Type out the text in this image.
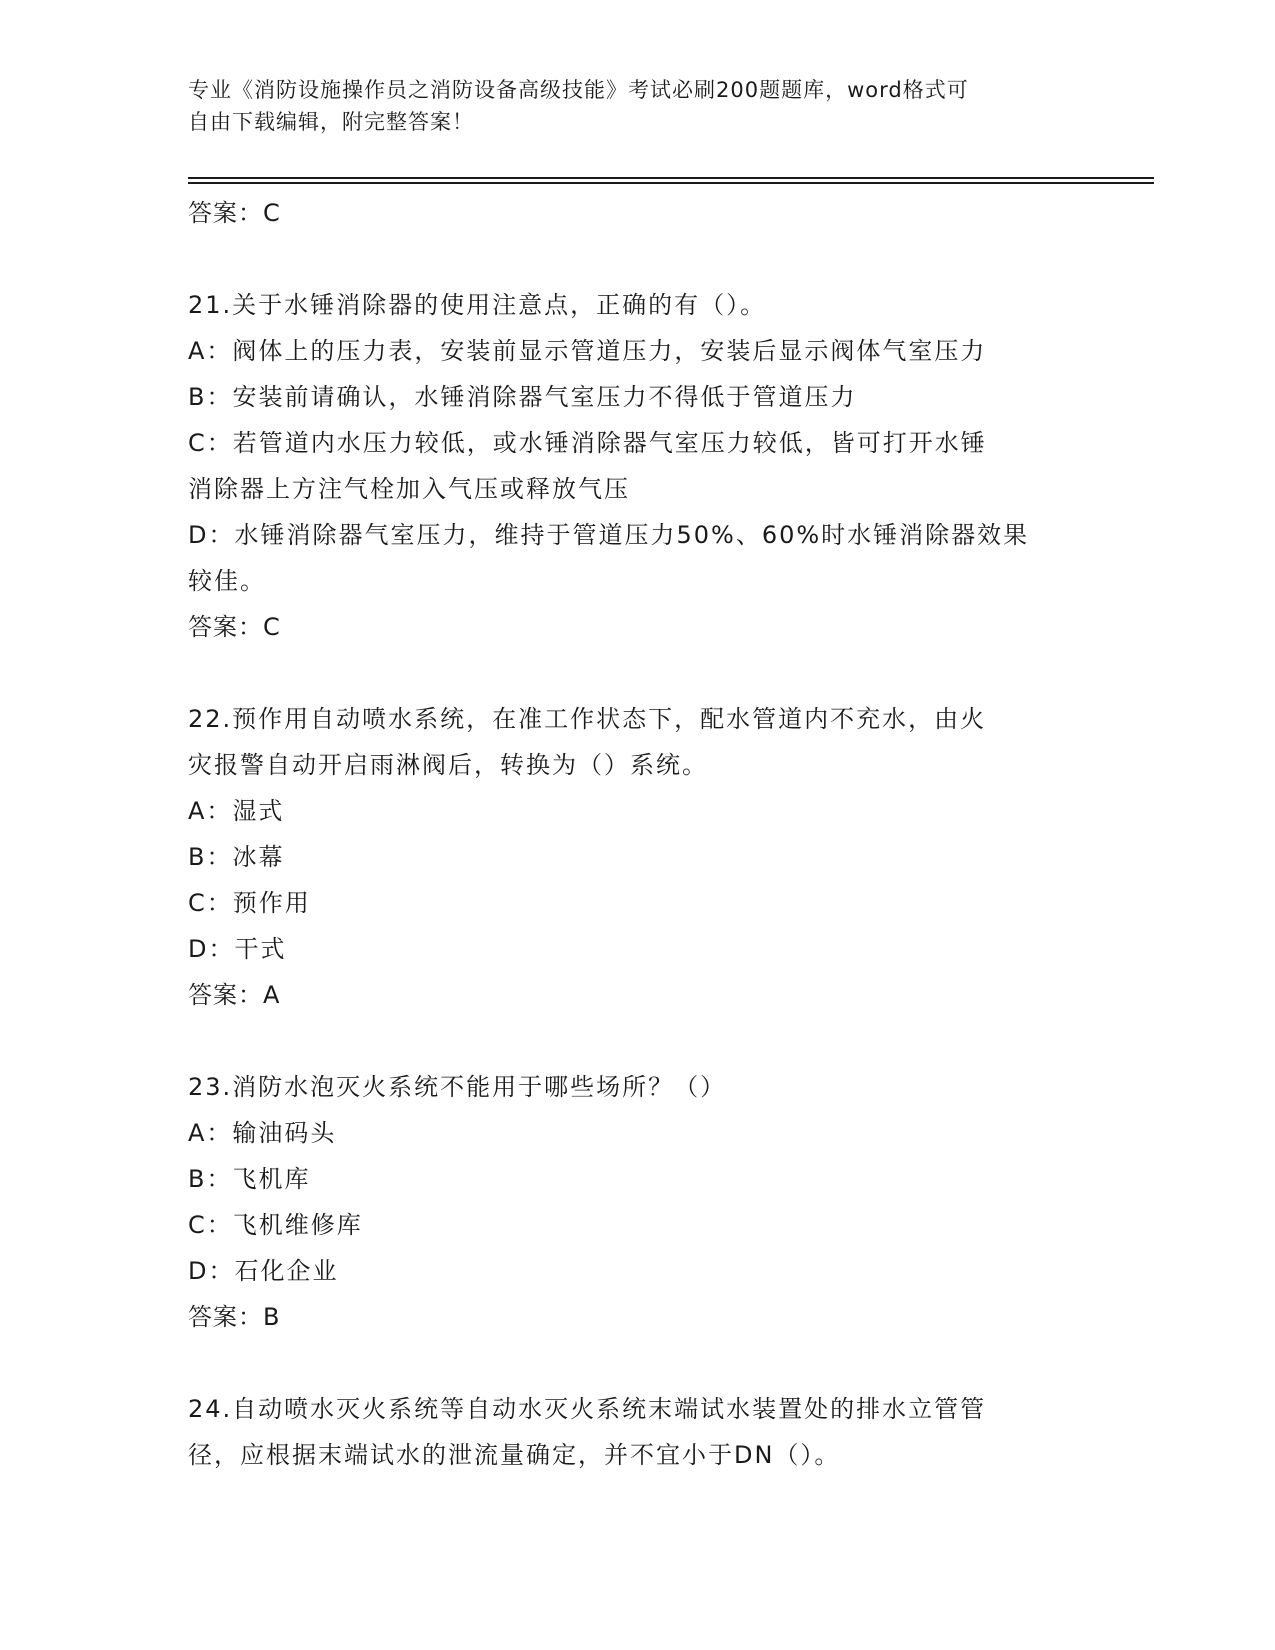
专业《消防设施操作员之消防设备高级技能》考试必刷200题题库，word格式可

自由下载编辑，附完整答案！

答案：C

21.关于水锤消除器的使用注意点，正确的有（）。

A：阀体上的压力表，安装前显示管道压力，安装后显示阀体气室压力

B：安装前请确认，水锤消除器气室压力不得低于管道压力

C：若管道内水压力较低，或水锤消除器气室压力较低，皆可打开水锤

消除器上方注气栓加入气压或释放气压

D：水锤消除器气室压力，维持于管道压力50%、60%时水锤消除器效果

较佳。

答案：C

22.预作用自动喷水系统，在准工作状态下，配水管道内不充水，由火

灾报警自动开启雨淋阀后，转换为（）系统。

A：湿式

B：冰幕

C：预作用

D：干式

答案：A

23.消防水泡灭火系统不能用于哪些场所？（）

A：输油码头

B：飞机库

C：飞机维修库

D：石化企业

答案：B

24.自动喷水灭火系统等自动水灭火系统末端试水装置处的排水立管管

径，应根据末端试水的泄流量确定，并不宜小于DN（）。
